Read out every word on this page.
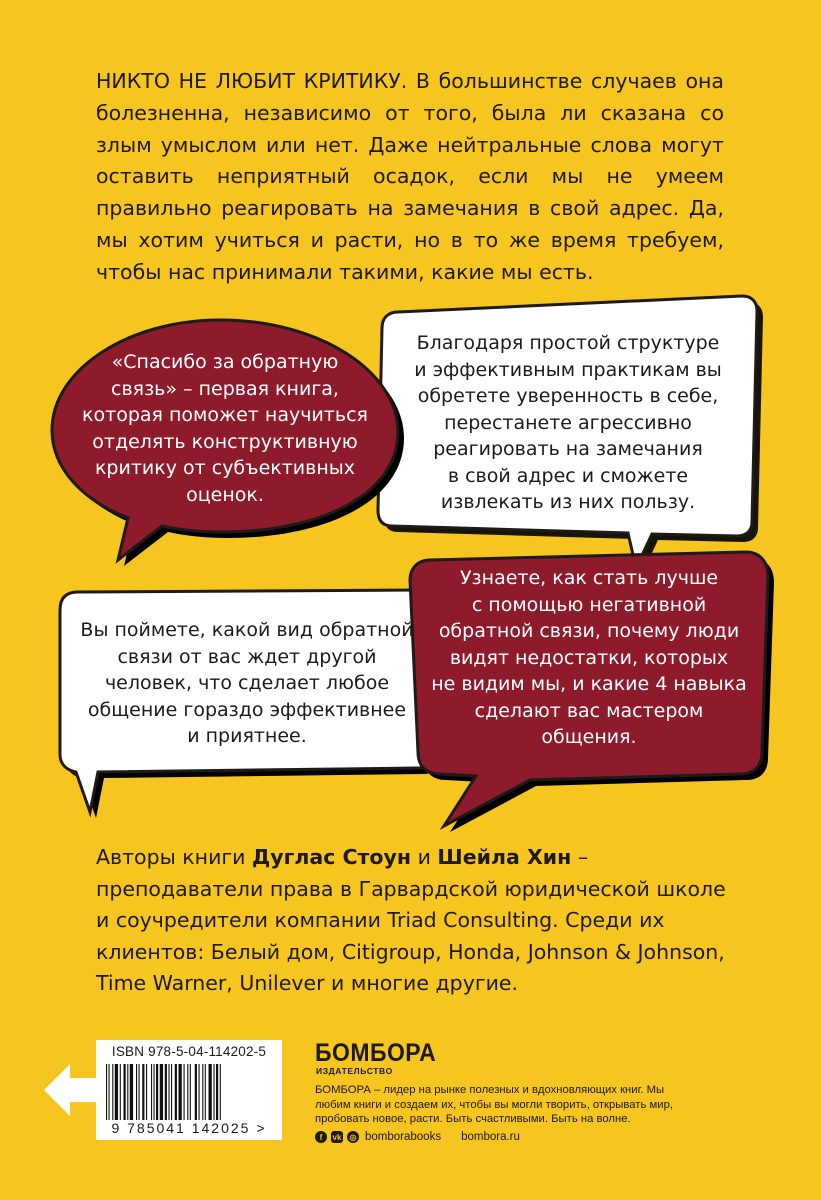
НИКТО НЕ ЛЮБИТ КРИТИКУ. В большинстве случаев она болезненна, независимо от того, была ли сказана со злым умыслом или нет. Даже нейтральные слова могут оставить неприятный осадок, если мы не умеем правильно реагировать на замечания в свой адрес. Да, мы хотим учиться и расти, но в то же время требуем, чтобы нас принимали такими, какие мы есть.

«Спасибо за обратную
связь» – первая книга,
которая поможет научиться
отделять конструктивную
критику от субъективных
оценок.
Благодаря простой структуре
и эффективным практикам вы
обретете уверенность в себе,
перестанете агрессивно
реагировать на замечания
в свой адрес и сможете
извлекать из них пользу.
Вы поймете, какой вид обратной
связи от вас ждет другой
человек, что сделает любое
общение гораздо эффективнее
и приятнее.
Узнаете, как стать лучше
с помощью негативной
обратной связи, почему люди
видят недостатки, которых
не видим мы, и какие 4 навыка
сделают вас мастером
общения.

Авторы книги Дуглас Стоун и Шейла Хин – преподаватели права в Гарвардской юридической школе и соучредители компании Triad Consulting. Среди их клиентов: Белый дом, Citigroup, Honda, Johnson & Johnson, Time Warner, Unilever и многие другие.

ISBN 978-5-04-114202-5
9 785041 142025 >
БОМБОРА
ИЗДАТЕЛЬСТВО

БОМБОРА – лидер на рынке полезных и вдохновляющих книг. Мы любим книги и создаем их, чтобы вы могли творить, открывать мир, пробовать новое, расти. Быть счастливыми. Быть на волне.

f	vk	◎ bomborabooks bombora.ru
